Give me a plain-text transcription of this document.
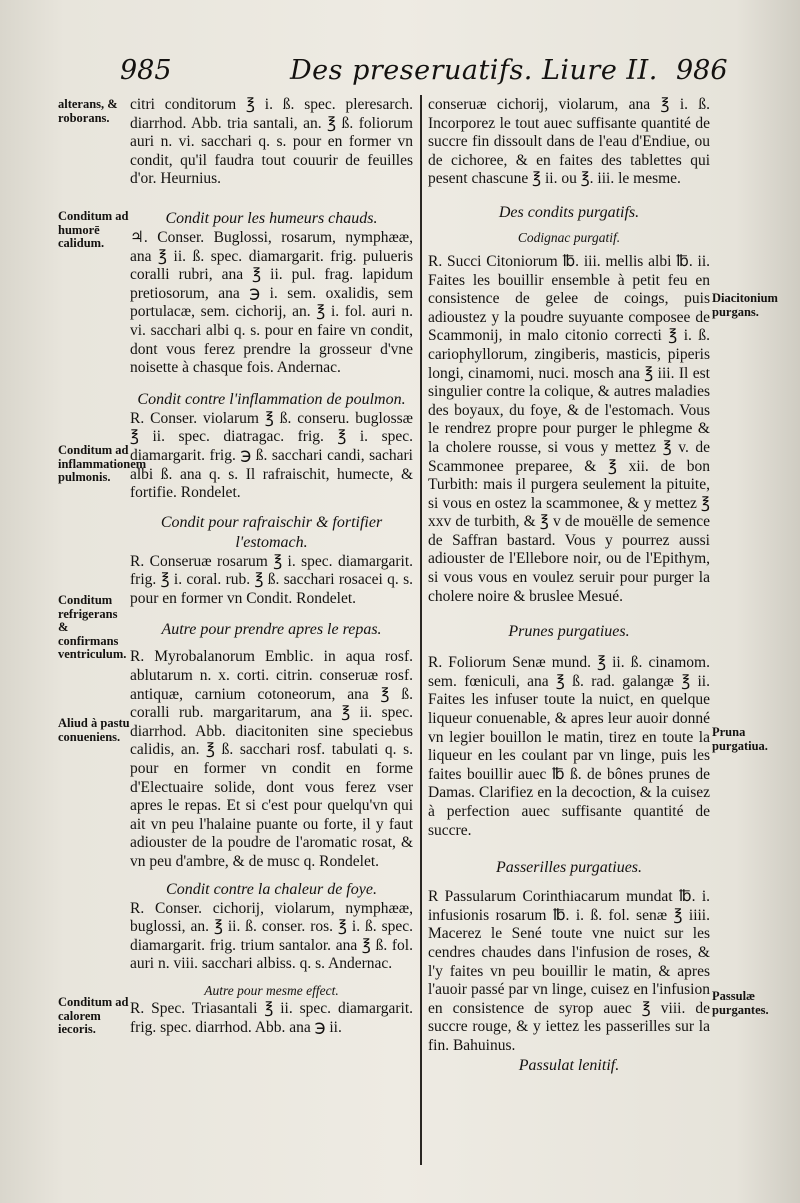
985	Des preseruatifs. Liure II. 986

citri conditorum ℥ i. ß. spec. pleresarch. diarrhod. Abb. tria santali, an. ℥ ß. foliorum auri n. vi. sacchari q. s. pour en former vn condit, qu'il faudra tout couurir de feuilles d'or. Heurnius.

Condit pour les humeurs chauds.

♃. Conser. Buglossi, rosarum, nymphææ, ana ℥ ii. ß. spec. diamargarit. frig. pulueris coralli rubri, ana ℥ ii. pul. frag. lapidum pretiosorum, ana ℈ i. sem. oxalidis, sem portulacæ, sem. cichorij, an. ℥ i. fol. auri n. vi. sacchari albi q. s. pour en faire vn condit, dont vous ferez prendre la grosseur d'vne noisette à chasque fois. Andernac.

Condit contre l'inflammation de poulmon.

R. Conser. violarum ℥ ß. conseru. buglossæ ℥ ii. spec. diatragac. frig. ℥ i. spec. diamargarit. frig. ℈ ß. sacchari candi, sachari albi ß. ana q. s. Il rafraischit, humecte, & fortifie. Rondelet.

Condit pour rafraischir & fortifier l'estomach.

R. Conseruæ rosarum ℥ i. spec. diamargarit. frig. ℥ i. coral. rub. ℥ ß. sacchari rosacei q. s. pour en former vn Condit. Rondelet.

Autre pour prendre apres le repas.

R. Myrobalanorum Emblic. in aqua rosf. ablutarum n. x. corti. citrin. conseruæ rosf. antiquæ, carnium cotoneorum, ana ℥ ß. coralli rub. margaritarum, ana ℥ ii. spec. diarrhod. Abb. diacitoniten sine speciebus calidis, an. ℥ ß. sacchari rosf. tabulati q. s. pour en former vn condit en forme d'Electuaire solide, dont vous ferez vser apres le repas. Et si c'est pour quelqu'vn qui ait vn peu l'halaine puante ou forte, il y faut adiouster de la poudre de l'aromatic rosat, & vn peu d'ambre, & de musc q. Rondelet.

Condit contre la chaleur de foye.

R. Conser. cichorij, violarum, nymphææ, buglossi, an. ℥ ii. ß. conser. ros. ℥ i. ß. spec. diamargarit. frig. trium santalor. ana ℥ ß. fol. auri n. viii. sacchari albiss. q. s. Andernac.

Autre pour mesme effect.

R. Spec. Triasantali ℥ ii. spec. diamargarit. frig. spec. diarrhod. Abb. ana ℈ ii.

conseruæ cichorij, violarum, ana ℥ i. ß. Incorporez le tout auec suffisante quantité de succre fin dissoult dans de l'eau d'Endiue, ou de cichoree, & en faites des tablettes qui pesent chascune ℥ ii. ou ℥. iii. le mesme.

Des condits purgatifs.
Codignac purgatif.

R. Succi Citoniorum ℔. iii. mellis albi ℔. ii. Faites les bouillir ensemble à petit feu en consistence de gelee de coings, puis adioustez y la poudre suyuante composee de Scammonij, in malo citonio correcti ℥ i. ß. cariophyllorum, zingiberis, masticis, piperis longi, cinamomi, nuci. mosch ana ℥ iii. Il est singulier contre la colique, & autres maladies des boyaux, du foye, & de l'estomach. Vous le rendrez propre pour purger le phlegme & la cholere rousse, si vous y mettez ℥ v. de Scammonee preparee, & ℥ xii. de bon Turbith: mais il purgera seulement la pituite, si vous en ostez la scammonee, & y mettez ℥ xxv de turbith, & ℥ v de mouëlle de semence de Saffran bastard. Vous y pourrez aussi adiouster de l'Ellebore noir, ou de l'Epithym, si vous vous en voulez seruir pour purger la cholere noire & bruslee Mesué.

Prunes purgatiues.

R. Foliorum Senæ mund. ℥ ii. ß. cinamom. sem. fœniculi, ana ℥ ß. rad. galangæ ℥ ii. Faites les infuser toute la nuict, en quelque liqueur conuenable, & apres leur auoir donné vn legier bouillon le matin, tirez en toute la liqueur en les coulant par vn linge, puis les faites bouillir auec ℔ ß. de bônes prunes de Damas. Clarifiez en la decoction, & la cuisez à perfection auec suffisante quantité de succre.

Passerilles purgatiues.

R Passularum Corinthiacarum mundat ℔. i. infusionis rosarum ℔. i. ß. fol. senæ ℥ iiii. Macerez le Sené toute vne nuict sur les cendres chaudes dans l'infusion de roses, & l'y faites vn peu bouillir le matin, & apres l'auoir passé par vn linge, cuisez en l'infusion en consistence de syrop auec ℥ viii. de succre rouge, & y iettez les passerilles sur la fin. Bahuinus.

Passulat lenitif.
alterans, & roborans.
Conditum ad humorē calidum.
Conditum ad inflammationem pulmonis.
Conditum refrigerans & confirmans ventriculum.
Aliud à pastu conueniens.
Conditum ad calorem iecoris.
Diacitonium purgans.
Pruna purgatiua.
Passulæ purgantes.
